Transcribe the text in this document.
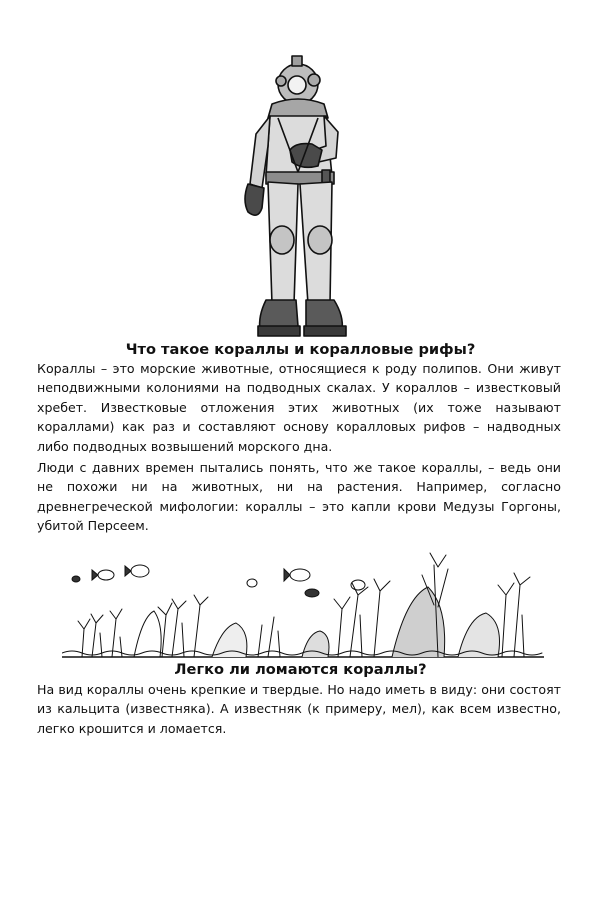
Что такое кораллы и коралловые рифы?

Кораллы – это морские животные, относящиеся к роду полипов. Они живут неподвижными колониями на подводных скалах. У кораллов – известковый хребет. Известковые отложения этих животных (их тоже называют кораллами) как раз и составляют основу коралловых рифов – надводных либо подводных возвышений морского дна.

Люди с давних времен пытались понять, что же такое кораллы, – ведь они не похожи ни на животных, ни на растения. Например, согласно древнегреческой мифологии: кораллы – это капли крови Медузы Горгоны, убитой Персеем.

Легко ли ломаются кораллы?

На вид кораллы очень крепкие и твердые. Но надо иметь в виду: они состоят из кальцита (известняка). А известняк (к примеру, мел), как всем известно, легко крошится и ломается.
